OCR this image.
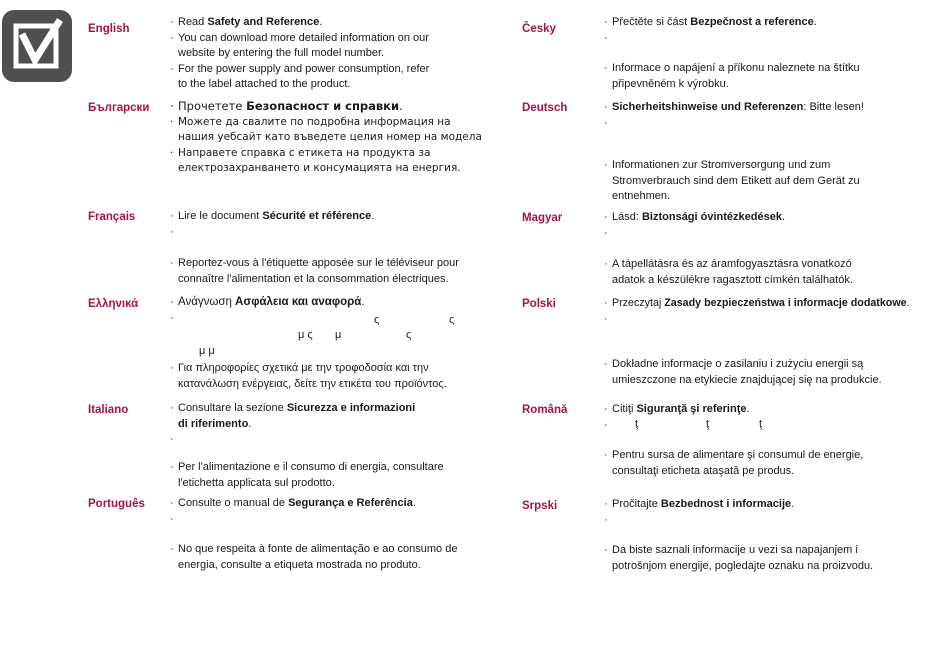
English
· Read Safety and Reference.
· You can download more detailed information on our
website by entering the full model number.
· For the power supply and power consumption, refer
to the label attached to the product.
Български · Прочетете Безопасност и справки.
· Можете да свалите по подробна информация на
нашия уебсайт като въведете целия номер на модела
· Направете справка с етикета на продукта за
електрозахранването и консумацията на енергия.
Français	· Lire le document Sécurité et référence.
·
· Reportez-vous à l'étiquette apposée sur le téléviseur pour
connaître l'alimentation et la consommation électriques.
Ελληνικά	· Ανάγνωση Ασφάλεια και αναφορά.
·	ς	ς
μ ς μ	ς
μ μ
· Για πληροφορίες σχετικά με την τροφοδοσία και την
κατανάλωση ενέργειας, δείτε την ετικέτα του προϊόντος.
Italiano	· Consultare la sezione Sicurezza e informazioni
di riferimento.
·
· Per l'alimentazione e il consumo di energia, consultare
l'etichetta applicata sul prodotto.
Português · Consulte o manual de Segurança e Referência.
·
· No que respeita à fonte de alimentação e ao consumo de
energia, consulte a etiqueta mostrada no produto.
Česky
· Přečtěte si část Bezpečnost a reference.
·
· Informace o napájení a příkonu naleznete na štítku
připevněném k výrobku.
Deutsch	· Sicherheitshinweise und Referenzen: Bitte lesen!
·
· Informationen zur Stromversorgung und zum
Stromverbrauch sind dem Etikett auf dem Gerät zu
entnehmen.
Magyar	· Lásd: Biztonsági óvintézkedések.
·
· A tápellátásra és az áramfogyasztásra vonatkozó
adatok a készülékre ragasztott címkén találhatók.
Polski	· Przeczytaj Zasady bezpieczeństwa i informacje dodatkowe.
·
· Dokładne informacje o zasilaniu i zużyciu energii są
umieszczone na etykiecie znajdującej się na produkcie.
Română	· Citiţi Siguranţă şi referinţe.
· ţ	ţ	ţ
· Pentru sursa de alimentare şi consumul de energie,
consultaţi eticheta ataşată pe produs.
Srpski	· Pročitajte Bezbednost i informacije.
·
· Da biste saznali informacije u vezi sa napajanjem i
potrošnjom energije, pogledajte oznaku na proizvodu.
